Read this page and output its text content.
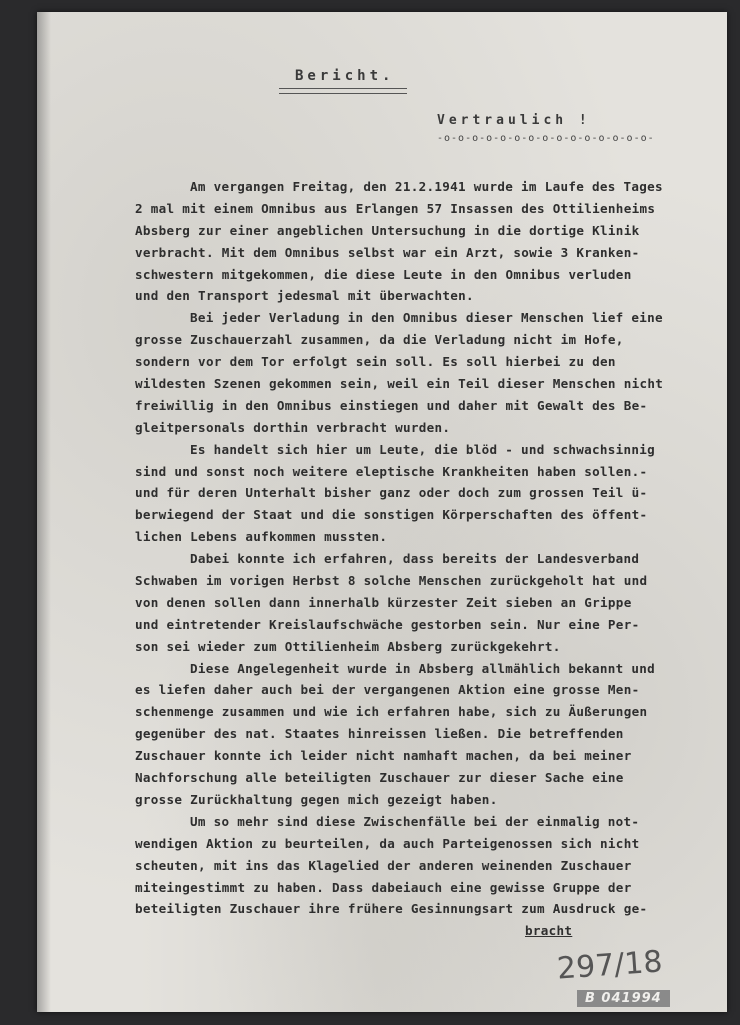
Bericht.
Vertraulich !
-o-o-o-o-o-o-o-o-o-o-o-o-o-o-o-
Am vergangen Freitag, den 21.2.1941 wurde im Laufe des Tages
2 mal mit einem Omnibus aus Erlangen 57 Insassen des Ottilienheims
Absberg zur einer angeblichen Untersuchung in die dortige Klinik
verbracht. Mit dem Omnibus selbst war ein Arzt, sowie 3 Kranken-
schwestern mitgekommen, die diese Leute in den Omnibus verluden
und den Transport jedesmal mit überwachten.
Bei jeder Verladung in den Omnibus dieser Menschen lief eine
grosse Zuschauerzahl zusammen, da die Verladung nicht im Hofe,
sondern vor dem Tor erfolgt sein soll. Es soll hierbei zu den
wildesten Szenen gekommen sein, weil ein Teil dieser Menschen nicht
freiwillig in den Omnibus einstiegen und daher mit Gewalt des Be-
gleitpersonals dorthin verbracht wurden.
Es handelt sich hier um Leute, die blöd - und schwachsinnig
sind und sonst noch weitere eleptische Krankheiten haben sollen.-
und für deren Unterhalt bisher ganz oder doch zum grossen Teil ü-
berwiegend der Staat und die sonstigen Körperschaften des öffent-
lichen Lebens aufkommen mussten.
Dabei konnte ich erfahren, dass bereits der Landesverband
Schwaben im vorigen Herbst 8 solche Menschen zurückgeholt hat und
von denen sollen dann innerhalb kürzester Zeit sieben an Grippe
und eintretender Kreislaufschwäche gestorben sein. Nur eine Per-
son sei wieder zum Ottilienheim Absberg zurückgekehrt.
Diese Angelegenheit wurde in Absberg allmählich bekannt und
es liefen daher auch bei der vergangenen Aktion eine grosse Men-
schenmenge zusammen und wie ich erfahren habe, sich zu Äußerungen
gegenüber des nat. Staates hinreissen ließen. Die betreffenden
Zuschauer konnte ich leider nicht namhaft machen, da bei meiner
Nachforschung alle beteiligten Zuschauer zur dieser Sache eine
grosse Zurückhaltung gegen mich gezeigt haben.
Um so mehr sind diese Zwischenfälle bei der einmalig not-
wendigen Aktion zu beurteilen, da auch Parteigenossen sich nicht
scheuten, mit ins das Klagelied der anderen weinenden Zuschauer
miteingestimmt zu haben. Dass dabeiauch eine gewisse Gruppe der
beteiligten Zuschauer ihre frühere Gesinnungsart zum Ausdruck ge-
bracht
297/18
B 041994
